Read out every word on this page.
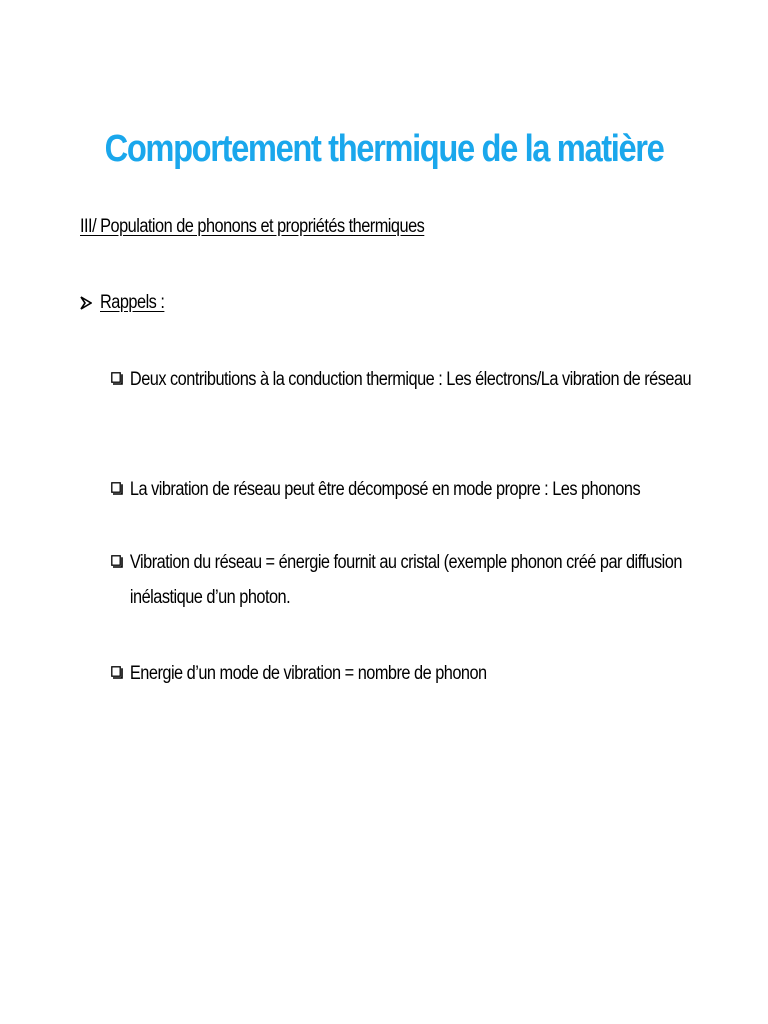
Comportement thermique de la matière
III/ Population de phonons et propriétés thermiques
Rappels :
Deux contributions à la conduction thermique : Les électrons/La vibration de réseau
La vibration de réseau peut être décomposé en mode propre : Les phonons
Vibration du réseau = énergie fournit au cristal (exemple phonon créé par diffusion inélastique d’un photon.
Energie d’un mode de vibration = nombre de phonon
